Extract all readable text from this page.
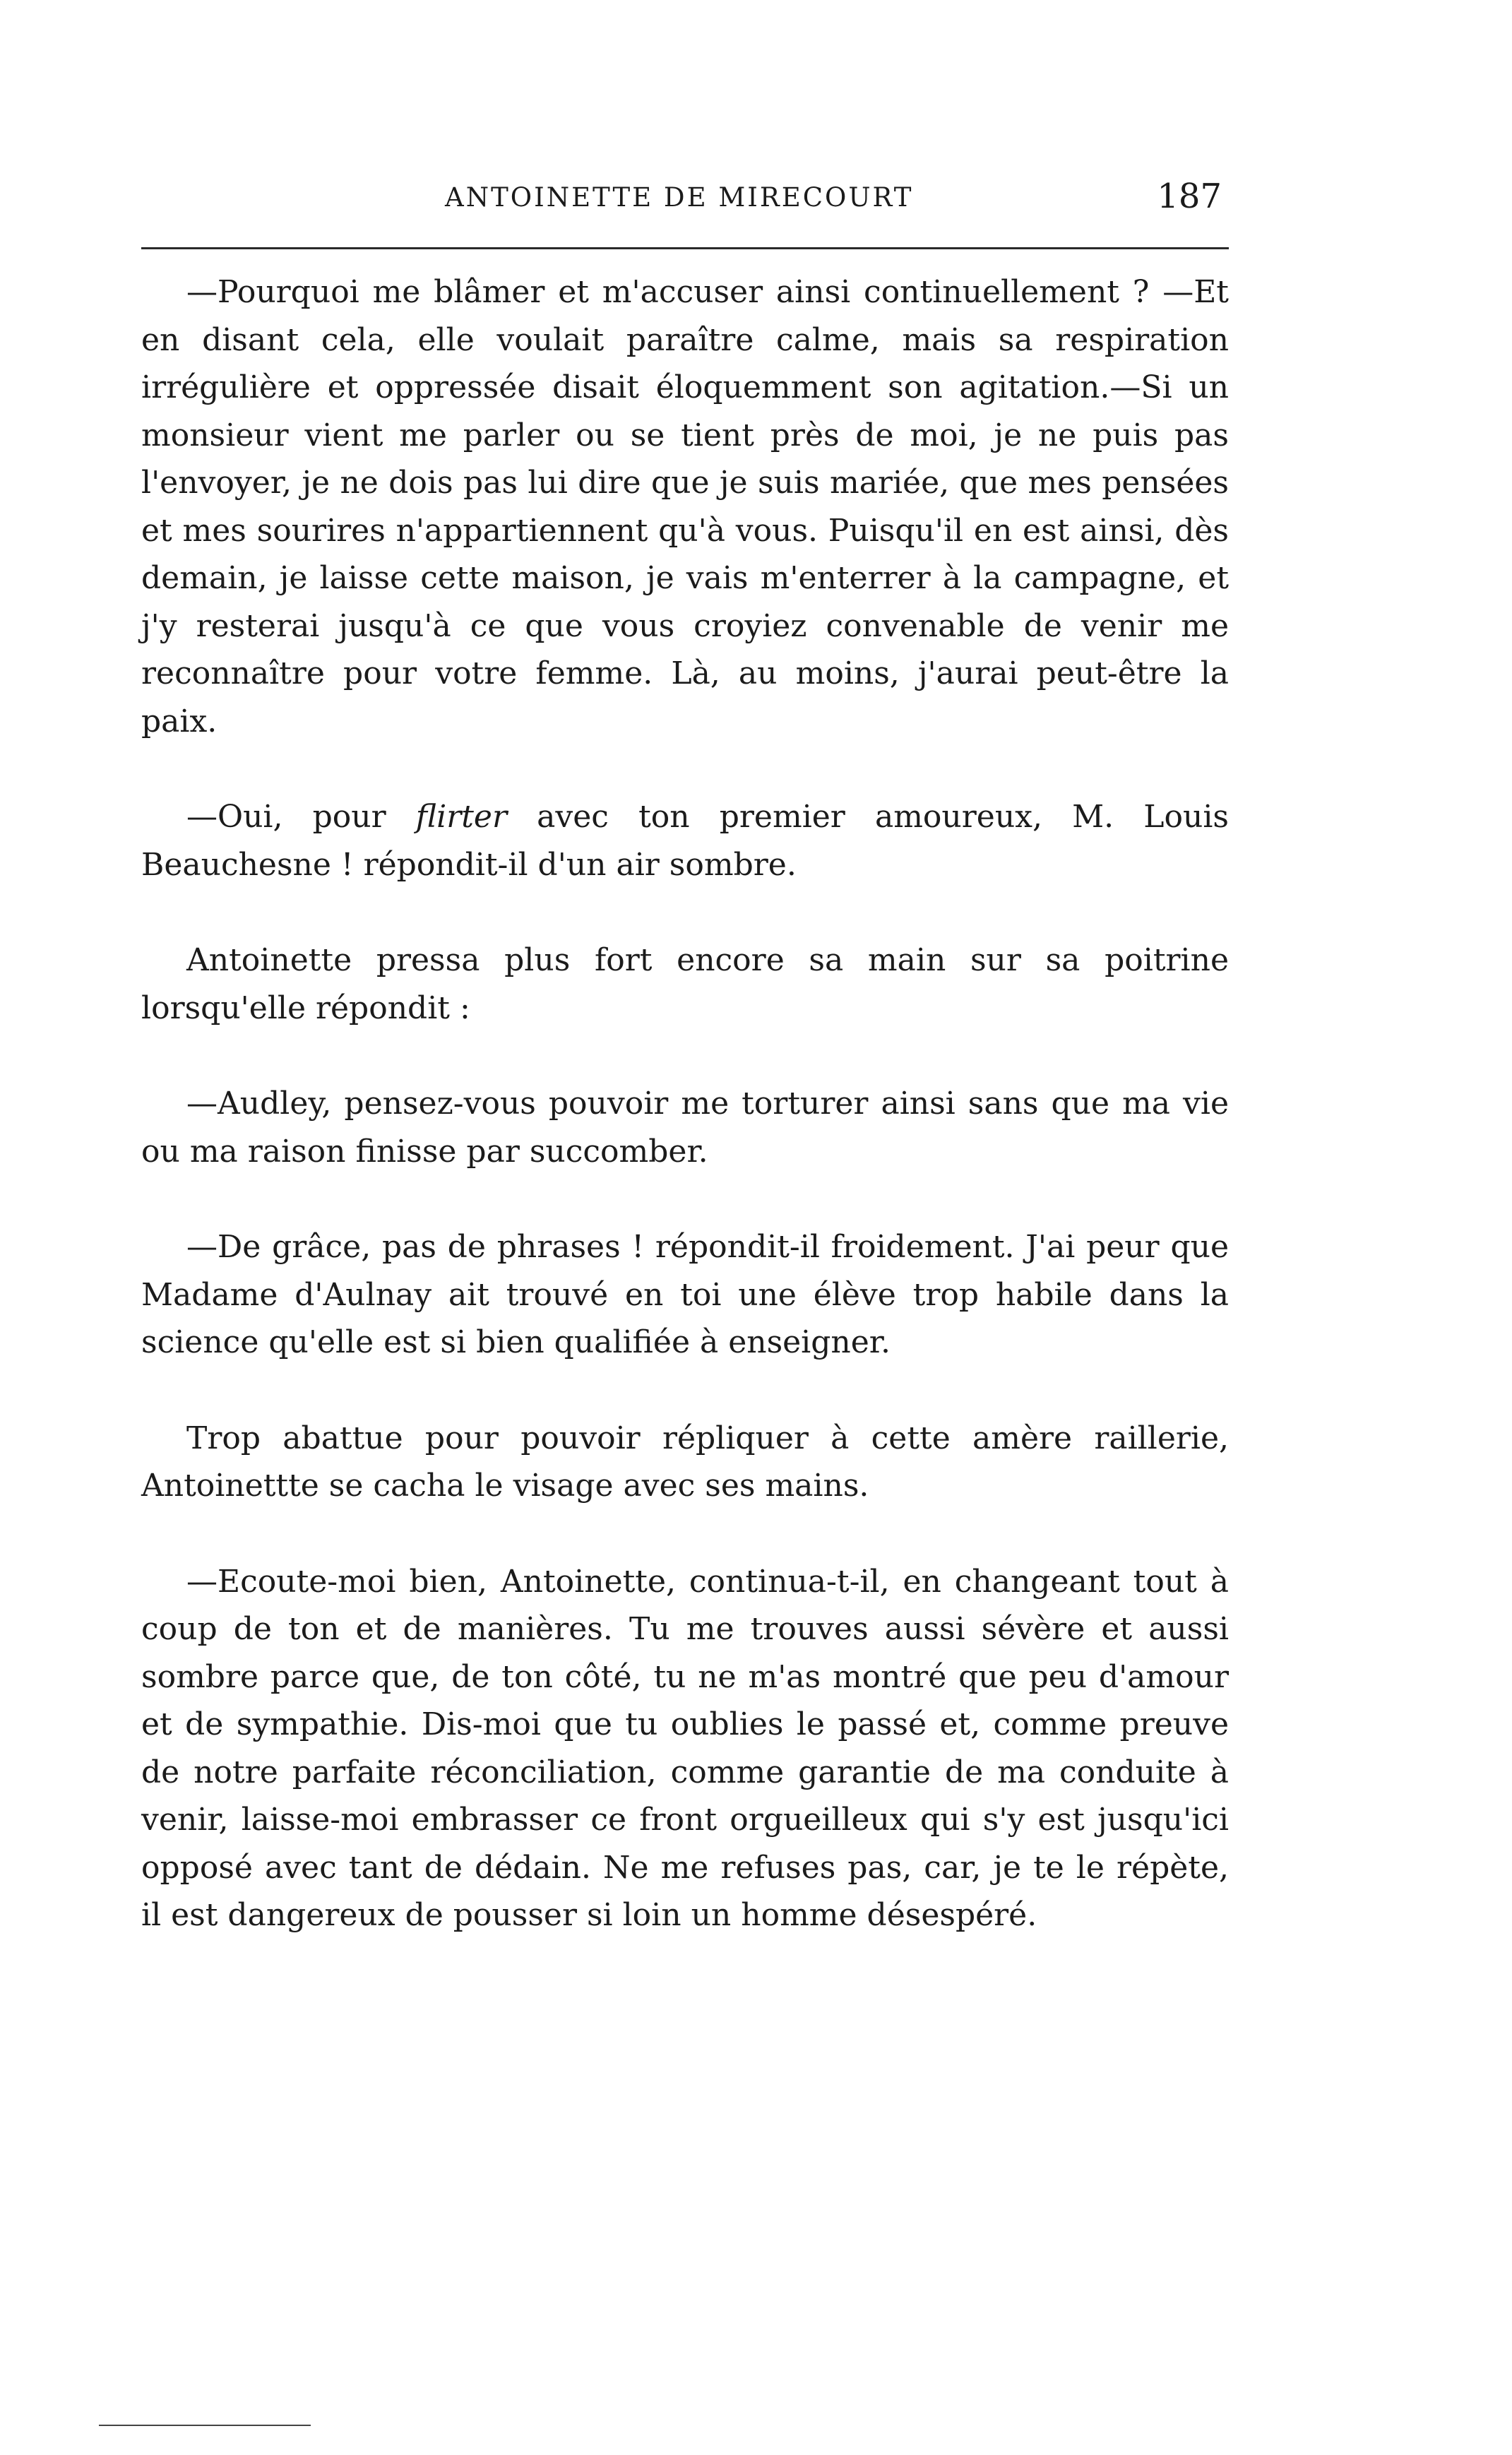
ANTOINETTE DE MIRECOURT	187

—Pourquoi me blâmer et m'accuser ainsi continuellement ? —Et en disant cela, elle voulait paraître calme, mais sa respiration irrégulière et oppressée disait éloquemment son agitation.—Si un monsieur vient me parler ou se tient près de moi, je ne puis pas l'envoyer, je ne dois pas lui dire que je suis mariée, que mes pensées et mes sourires n'appartiennent qu'à vous. Puisqu'il en est ainsi, dès demain, je laisse cette maison, je vais m'enterrer à la campagne, et j'y resterai jusqu'à ce que vous croyiez convenable de venir me reconnaître pour votre femme. Là, au moins, j'aurai peut-être la paix.

—Oui, pour flirter avec ton premier amoureux, M. Louis Beauchesne ! répondit-il d'un air sombre.

Antoinette pressa plus fort encore sa main sur sa poitrine lorsqu'elle répondit :

—Audley, pensez-vous pouvoir me torturer ainsi sans que ma vie ou ma raison finisse par succomber.

—De grâce, pas de phrases ! répondit-il froidement. J'ai peur que Madame d'Aulnay ait trouvé en toi une élève trop habile dans la science qu'elle est si bien qualifiée à enseigner.

Trop abattue pour pouvoir répliquer à cette amère raillerie, Antoinettte se cacha le visage avec ses mains.

—Ecoute-moi bien, Antoinette, continua-t-il, en changeant tout à coup de ton et de manières. Tu me trouves aussi sévère et aussi sombre parce que, de ton côté, tu ne m'as montré que peu d'amour et de sympathie. Dis-moi que tu oublies le passé et, comme preuve de notre parfaite réconciliation, comme garantie de ma conduite à venir, laisse-moi embrasser ce front orgueilleux qui s'y est jusqu'ici opposé avec tant de dédain. Ne me refuses pas, car, je te le répète, il est dangereux de pousser si loin un homme désespéré.
